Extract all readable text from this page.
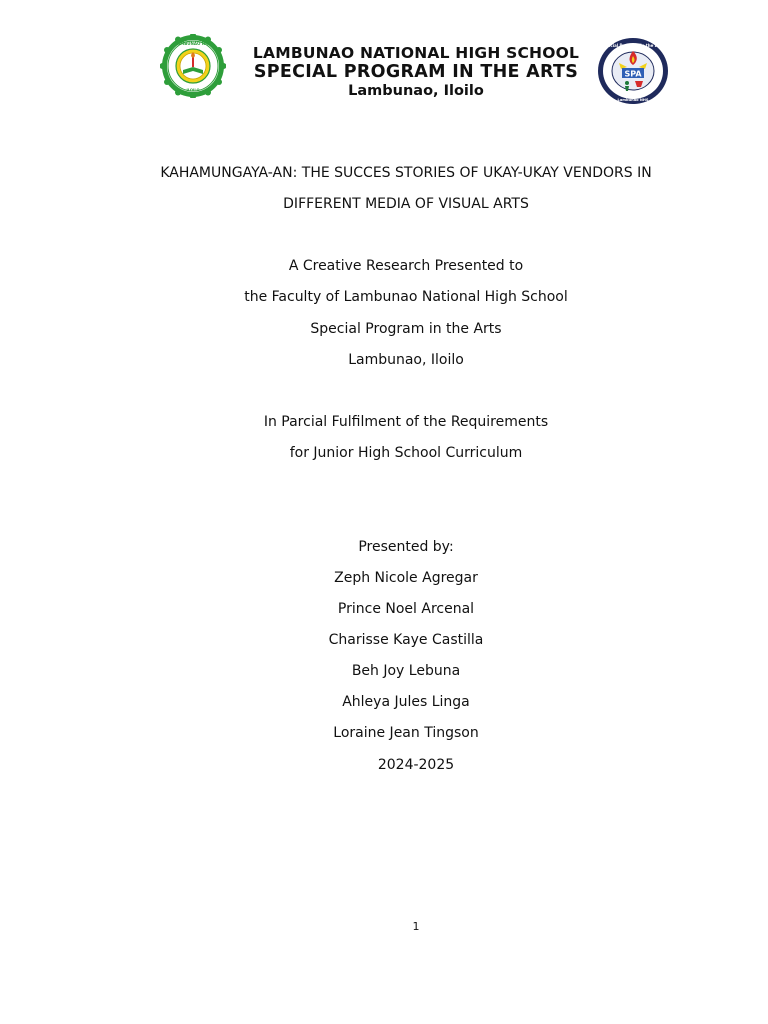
LAMBUNAO NHS
ILOILO
LAMBUNAO NATIONAL HIGH SCHOOL
SPECIAL PROGRAM IN THE ARTS
Lambunao, Iloilo
SPA
Special Program in the Arts
Lambunao NHS
KAHAMUNGAYA-AN: THE SUCCES STORIES OF UKAY-UKAY VENDORS IN
DIFFERENT MEDIA OF VISUAL ARTS
A Creative Research Presented to
the Faculty of Lambunao National High School
Special Program in the Arts
Lambunao, Iloilo
In Parcial Fulfilment of the Requirements
for Junior High School Curriculum
Presented by:
Zeph Nicole Agregar
Prince Noel Arcenal
Charisse Kaye Castilla
Beh Joy Lebuna
Ahleya Jules Linga
Loraine Jean Tingson
2024-2025
1
